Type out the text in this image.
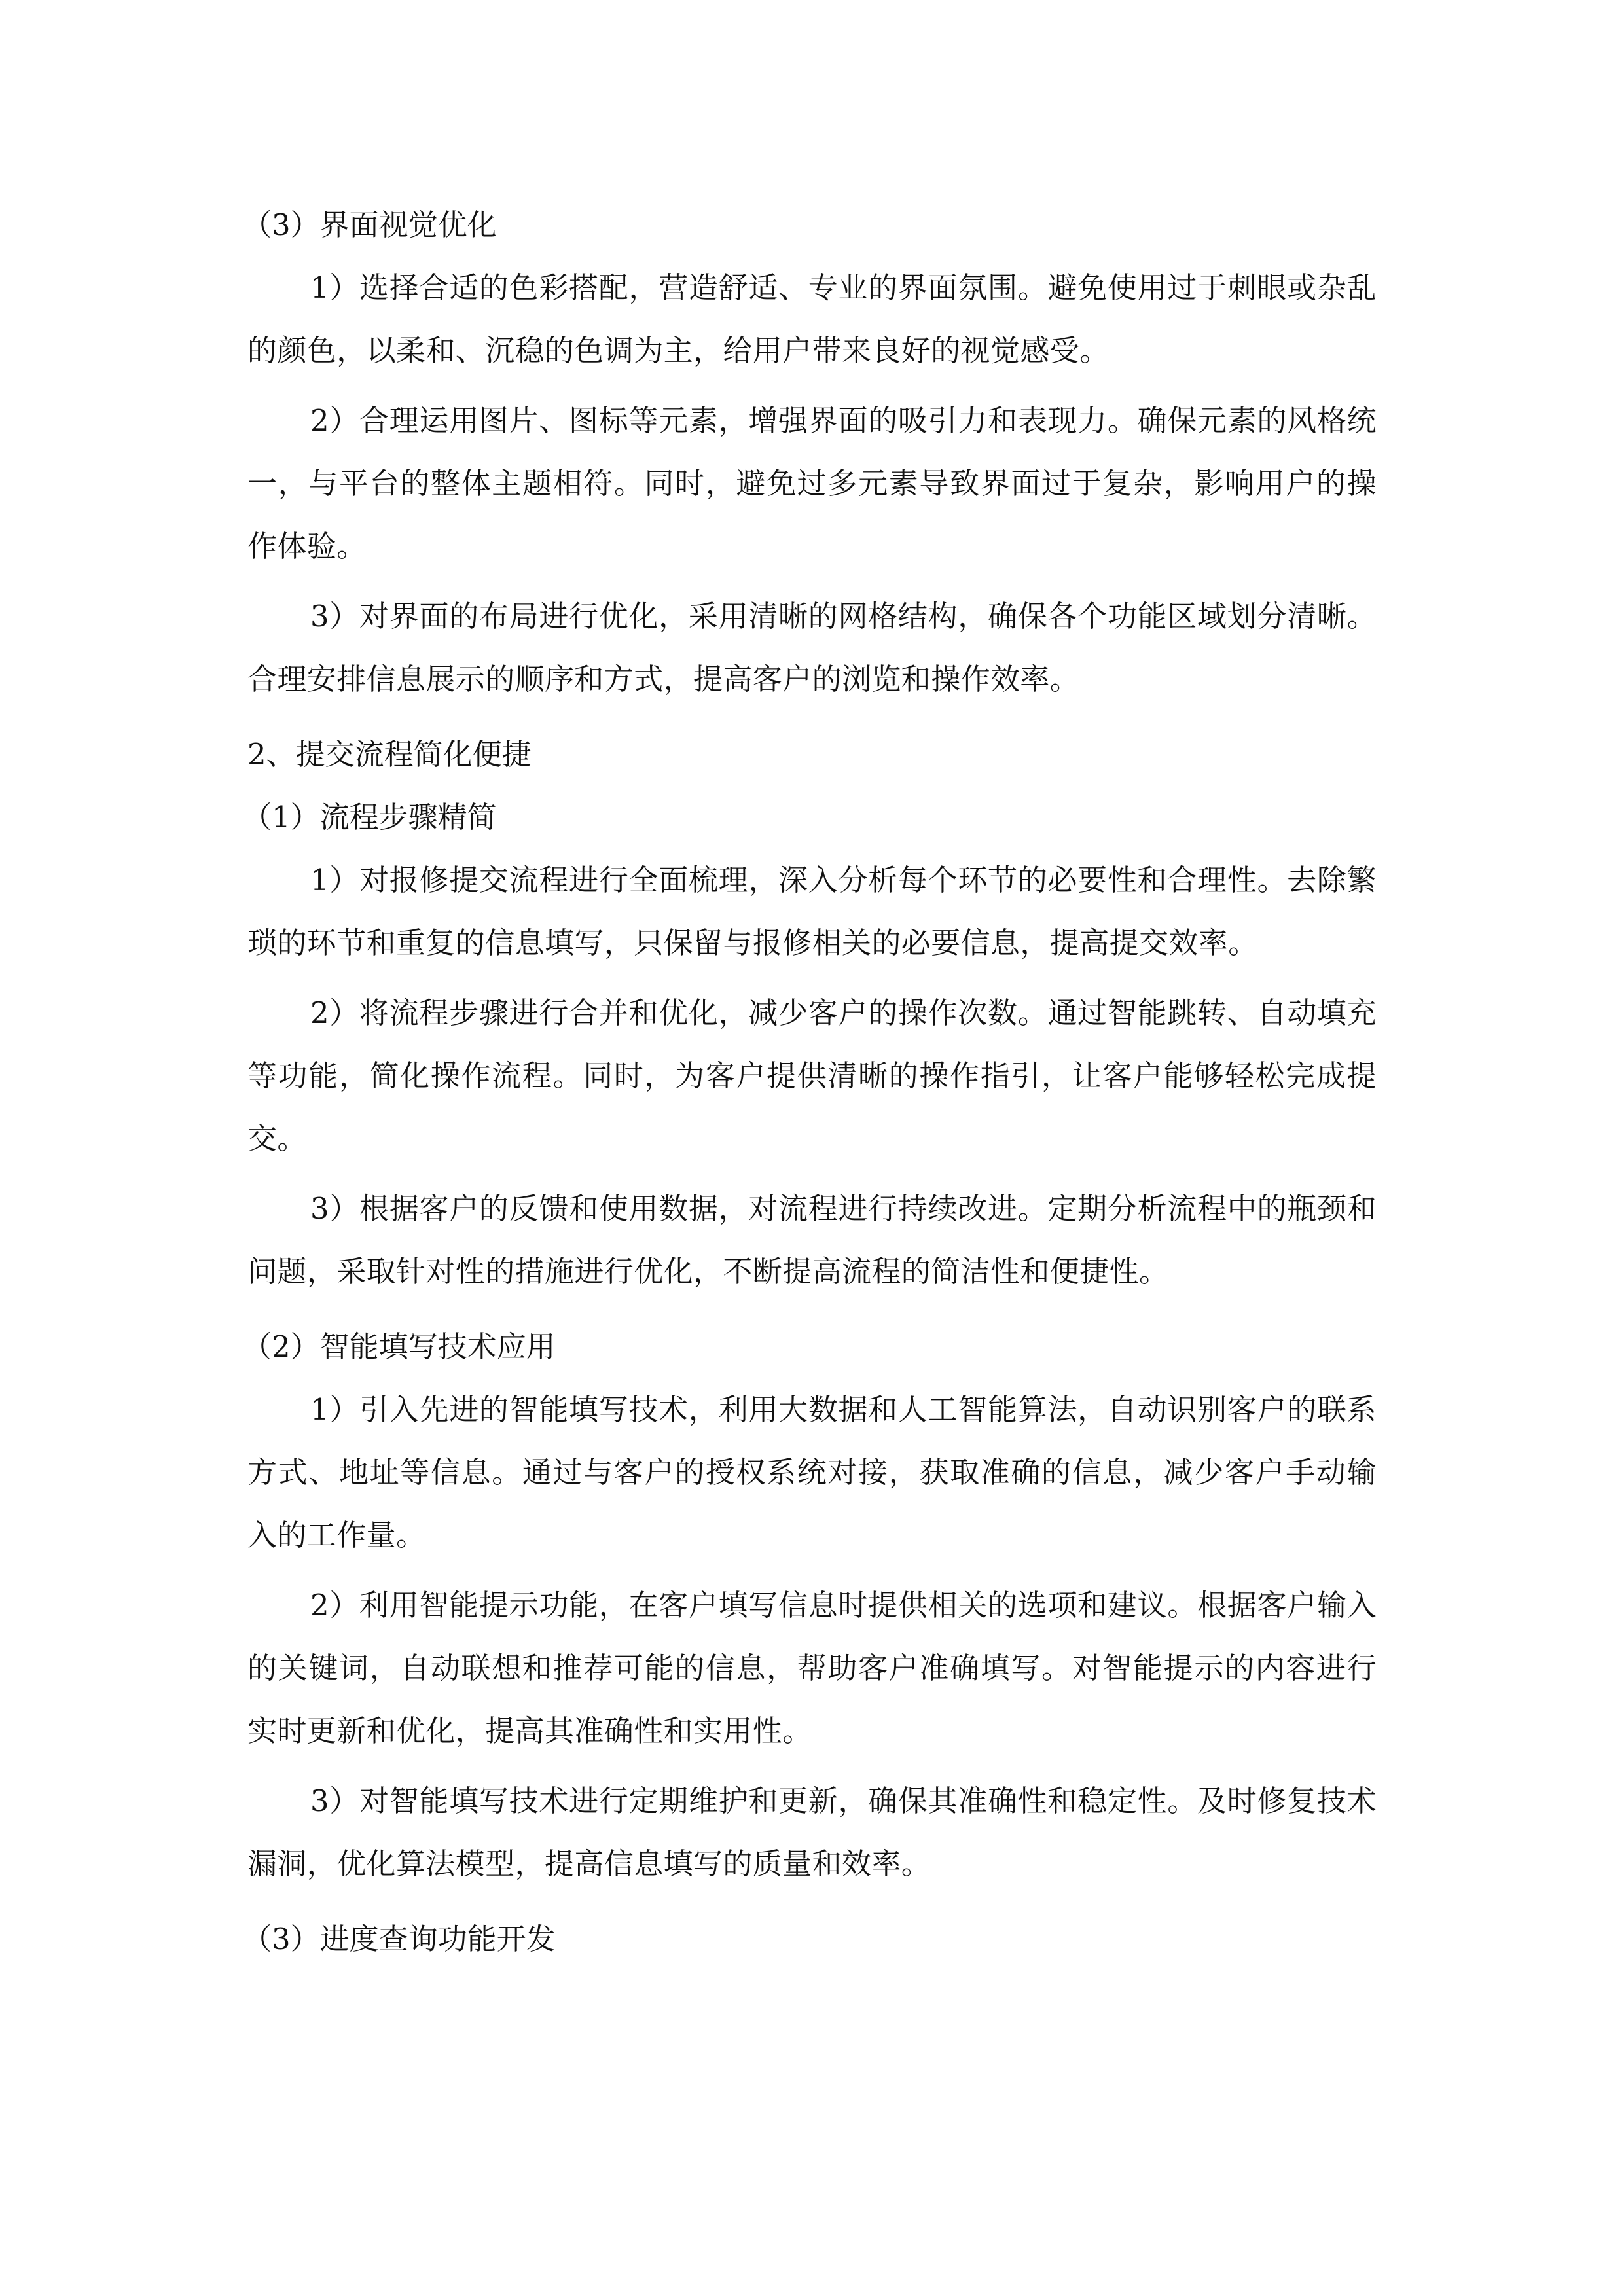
（3）界面视觉优化

1）选择合适的色彩搭配，营造舒适、专业的界面氛围。避免使用过于刺眼或杂乱的颜色，以柔和、沉稳的色调为主，给用户带来良好的视觉感受。

2）合理运用图片、图标等元素，增强界面的吸引力和表现力。确保元素的风格统一，与平台的整体主题相符。同时，避免过多元素导致界面过于复杂，影响用户的操作体验。

3）对界面的布局进行优化，采用清晰的网格结构，确保各个功能区域划分清晰。合理安排信息展示的顺序和方式，提高客户的浏览和操作效率。

2、提交流程简化便捷

（1）流程步骤精简

1）对报修提交流程进行全面梳理，深入分析每个环节的必要性和合理性。去除繁琐的环节和重复的信息填写，只保留与报修相关的必要信息，提高提交效率。

2）将流程步骤进行合并和优化，减少客户的操作次数。通过智能跳转、自动填充等功能，简化操作流程。同时，为客户提供清晰的操作指引，让客户能够轻松完成提交。

3）根据客户的反馈和使用数据，对流程进行持续改进。定期分析流程中的瓶颈和问题，采取针对性的措施进行优化，不断提高流程的简洁性和便捷性。

（2）智能填写技术应用

1）引入先进的智能填写技术，利用大数据和人工智能算法，自动识别客户的联系方式、地址等信息。通过与客户的授权系统对接，获取准确的信息，减少客户手动输入的工作量。

2）利用智能提示功能，在客户填写信息时提供相关的选项和建议。根据客户输入的关键词，自动联想和推荐可能的信息，帮助客户准确填写。对智能提示的内容进行实时更新和优化，提高其准确性和实用性。

3）对智能填写技术进行定期维护和更新，确保其准确性和稳定性。及时修复技术漏洞，优化算法模型，提高信息填写的质量和效率。

（3）进度查询功能开发
